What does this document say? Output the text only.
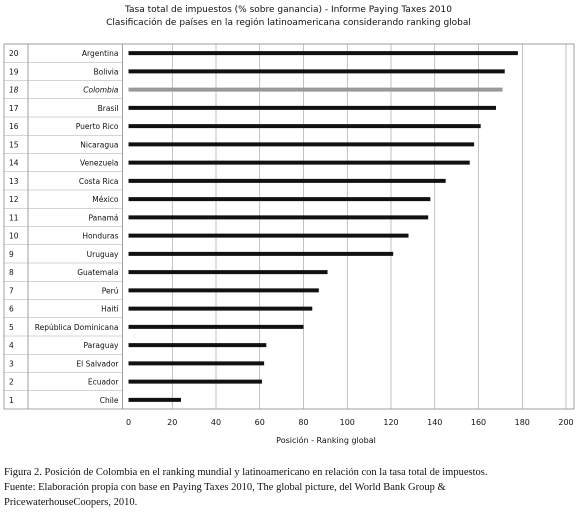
Tasa total de impuestos (% sobre ganancia) - Informe Paying Taxes 2010
Clasificación de países en la región latinoamericana considerando ranking global
20	Argentina
19	Bolivia
18	Colombia
17	Brasil
16	Puerto Rico
15	Nicaragua
14	Venezuela
13	Costa Rica
12	México
11	Panamá
10	Honduras
9	Uruguay
8	Guatemala
7	Perú
6	Haití
5	República Dominicana
4	Paraguay
3	El Salvador
2	Ecuador
1	Chile
0	20	40	60	80	100	120	140	160	180	200
Posición - Ranking global
Figura 2. Posición de Colombia en el ranking mundial y latinoamericano en relación con la tasa total de impuestos.
Fuente: Elaboración propia con base en Paying Taxes 2010, The global picture, del World Bank Group &
PricewaterhouseCoopers, 2010.
